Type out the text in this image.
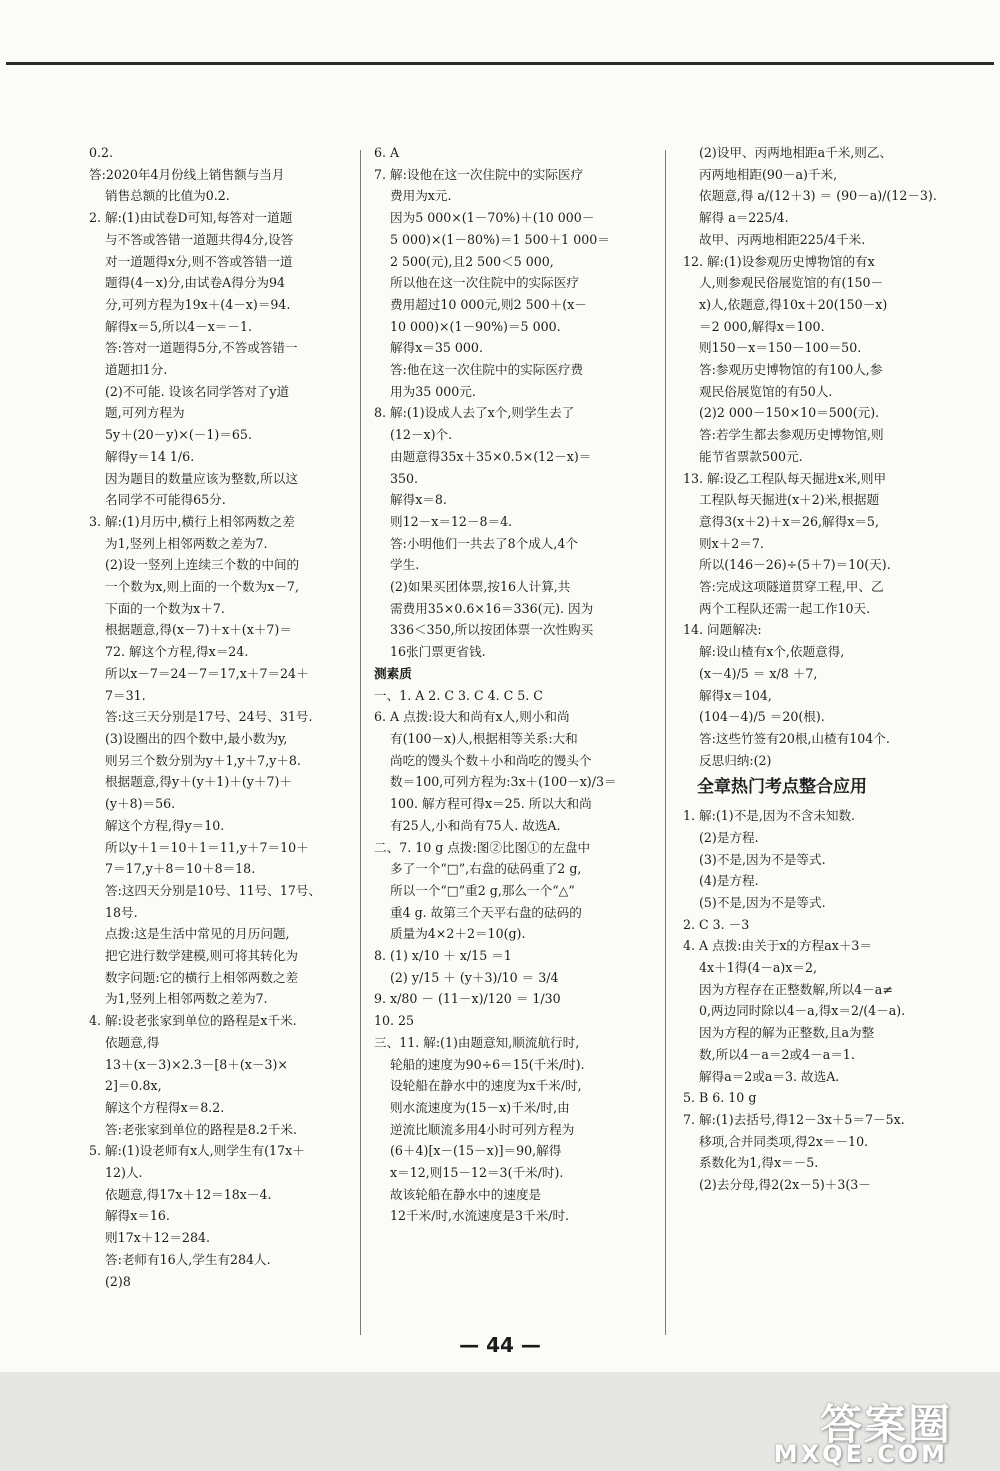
0.2.
答:2020年4月份线上销售额与当月
销售总额的比值为0.2.
2. 解:(1)由试卷D可知,每答对一道题
与不答或答错一道题共得4分,设答
对一道题得x分,则不答或答错一道
题得(4－x)分,由试卷A得分为94
分,可列方程为19x＋(4－x)＝94.
解得x＝5,所以4－x＝－1.
答:答对一道题得5分,不答或答错一
道题扣1分.
(2)不可能. 设该名同学答对了y道
题,可列方程为
5y＋(20－y)×(－1)＝65.
解得y＝14 1/6.
因为题目的数量应该为整数,所以这
名同学不可能得65分.
3. 解:(1)月历中,横行上相邻两数之差
为1,竖列上相邻两数之差为7.
(2)设一竖列上连续三个数的中间的
一个数为x,则上面的一个数为x－7,
下面的一个数为x＋7.
根据题意,得(x－7)＋x＋(x＋7)＝
72. 解这个方程,得x＝24.
所以x－7＝24－7＝17,x＋7＝24＋
7＝31.
答:这三天分别是17号、24号、31号.
(3)设圈出的四个数中,最小数为y,
则另三个数分别为y＋1,y＋7,y＋8.
根据题意,得y＋(y＋1)＋(y＋7)＋
(y＋8)＝56.
解这个方程,得y＝10.
所以y＋1＝10＋1＝11,y＋7＝10＋
7＝17,y＋8＝10＋8＝18.
答:这四天分别是10号、11号、17号、
18号.
点拨:这是生活中常见的月历问题,
把它进行数学建模,则可将其转化为
数字问题:它的横行上相邻两数之差
为1,竖列上相邻两数之差为7.
4. 解:设老张家到单位的路程是x千米.
依题意,得
13＋(x－3)×2.3－[8＋(x－3)×
2]＝0.8x,
解这个方程得x＝8.2.
答:老张家到单位的路程是8.2千米.
5. 解:(1)设老师有x人,则学生有(17x＋
12)人.
依题意,得17x＋12＝18x－4.
解得x＝16.
则17x＋12＝284.
答:老师有16人,学生有284人.
(2)8
6. A
7. 解:设他在这一次住院中的实际医疗
费用为x元.
因为5 000×(1－70%)＋(10 000－
5 000)×(1－80%)＝1 500＋1 000＝
2 500(元),且2 500＜5 000,
所以他在这一次住院中的实际医疗
费用超过10 000元,则2 500＋(x－
10 000)×(1－90%)＝5 000.
解得x＝35 000.
答:他在这一次住院中的实际医疗费
用为35 000元.
8. 解:(1)设成人去了x个,则学生去了
(12－x)个.
由题意得35x＋35×0.5×(12－x)＝
350.
解得x＝8.
则12－x＝12－8＝4.
答:小明他们一共去了8个成人,4个
学生.
(2)如果买团体票,按16人计算,共
需费用35×0.6×16＝336(元). 因为
336＜350,所以按团体票一次性购买
16张门票更省钱.
测素质
一、1. A 2. C 3. C 4. C 5. C
6. A 点拨:设大和尚有x人,则小和尚
有(100－x)人,根据相等关系:大和
尚吃的馒头个数＋小和尚吃的馒头个
数＝100,可列方程为:3x＋(100－x)/3＝
100. 解方程可得x＝25. 所以大和尚
有25人,小和尚有75人. 故选A.
二、7. 10 g 点拨:图②比图①的左盘中
多了一个“□”,右盘的砝码重了2 g,
所以一个“□”重2 g,那么一个“△”
重4 g. 故第三个天平右盘的砝码的
质量为4×2＋2＝10(g).
8. (1) x/10 ＋ x/15 ＝1
(2) y/15 ＋ (y＋3)/10 ＝ 3/4
9. x/80 － (11－x)/120 ＝ 1/30
10. 25
三、11. 解:(1)由题意知,顺流航行时,
轮船的速度为90÷6＝15(千米/时).
设轮船在静水中的速度为x千米/时,
则水流速度为(15－x)千米/时,由
逆流比顺流多用4小时可列方程为
(6＋4)[x－(15－x)]＝90,解得
x＝12,则15－12＝3(千米/时).
故该轮船在静水中的速度是
12千米/时,水流速度是3千米/时.
(2)设甲、丙两地相距a千米,则乙、
丙两地相距(90－a)千米,
依题意,得 a/(12＋3) ＝ (90－a)/(12－3).
解得 a＝225/4.
故甲、丙两地相距225/4千米.
12. 解:(1)设参观历史博物馆的有x
人,则参观民俗展览馆的有(150－
x)人,依题意,得10x＋20(150－x)
＝2 000,解得x＝100.
则150－x＝150－100＝50.
答:参观历史博物馆的有100人,参
观民俗展览馆的有50人.
(2)2 000－150×10＝500(元).
答:若学生都去参观历史博物馆,则
能节省票款500元.
13. 解:设乙工程队每天掘进x米,则甲
工程队每天掘进(x＋2)米,根据题
意得3(x＋2)＋x＝26,解得x＝5,
则x＋2＝7.
所以(146－26)÷(5＋7)＝10(天).
答:完成这项隧道贯穿工程,甲、乙
两个工程队还需一起工作10天.
14. 问题解决:
解:设山楂有x个,依题意得,
(x－4)/5 ＝ x/8 ＋7,
解得x＝104,
(104－4)/5 ＝20(根).
答:这些竹签有20根,山楂有104个.
反思归纳:(2)
全章热门考点整合应用
1. 解:(1)不是,因为不含未知数.
(2)是方程.
(3)不是,因为不是等式.
(4)是方程.
(5)不是,因为不是等式.
2. C 3. －3
4. A 点拨:由关于x的方程ax＋3＝
4x＋1得(4－a)x＝2,
因为方程存在正整数解,所以4－a≠
0,两边同时除以4－a,得x＝2/(4－a).
因为方程的解为正整数,且a为整
数,所以4－a＝2或4－a＝1.
解得a＝2或a＝3. 故选A.
5. B 6. 10 g
7. 解:(1)去括号,得12－3x＋5＝7－5x.
移项,合并同类项,得2x＝－10.
系数化为1,得x＝－5.
(2)去分母,得2(2x－5)＋3(3－
— 44 —
答案圈
MXQE.COM
